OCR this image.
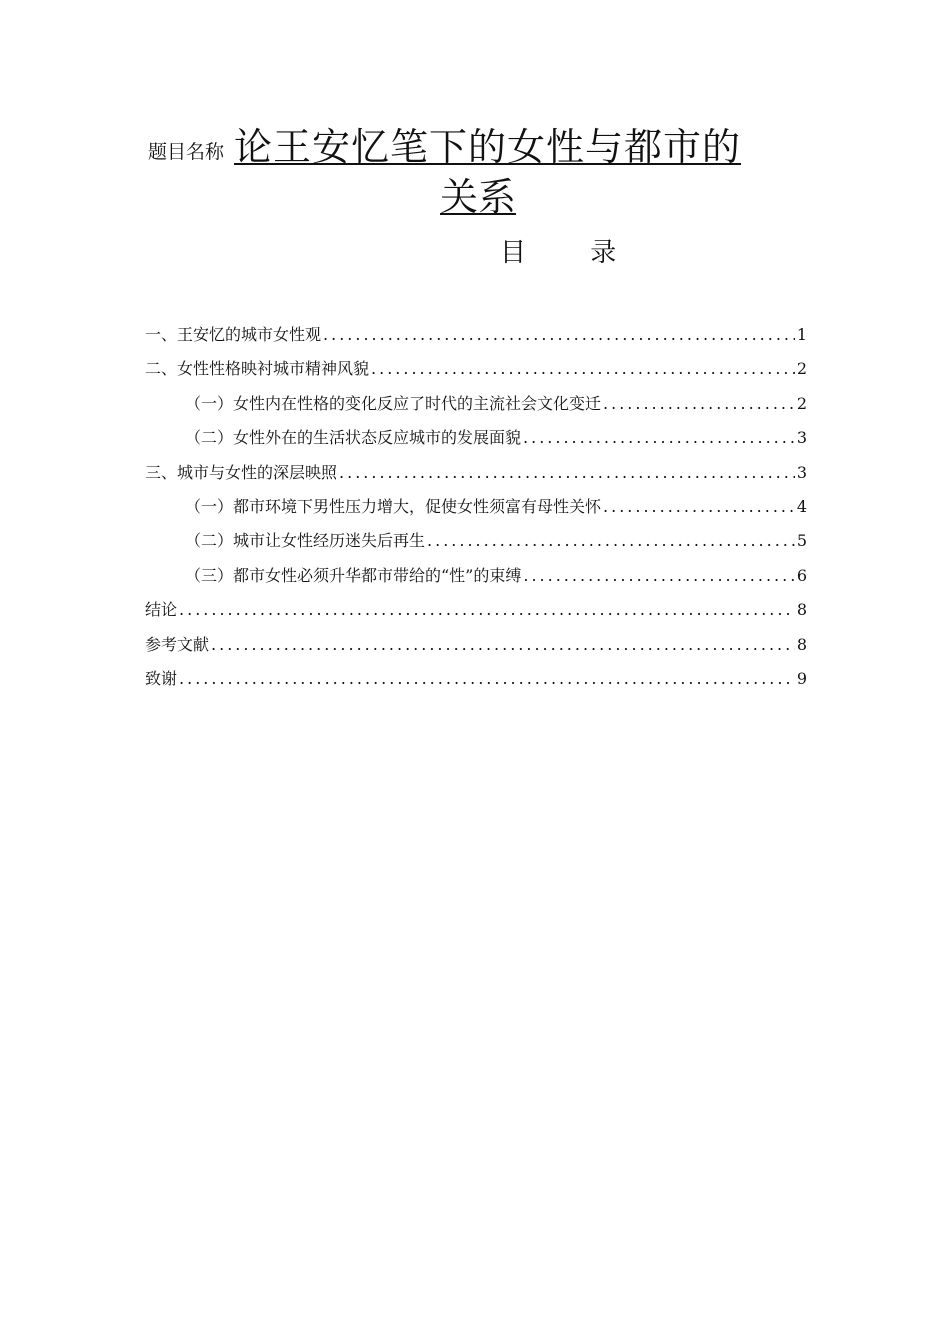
题目名称 论王安忆笔下的女性与都市的
关系
目 录
一、王安忆的城市女性观 .....	1
二、女性性格映衬城市精神风貌 .....	2
（一）女性内在性格的变化反应了时代的主流社会文化变迁 .....	2
（二）女性外在的生活状态反应城市的发展面貌 .....	3
三、城市与女性的深层映照 .....	3
（一）都市环境下男性压力增大，促使女性须富有母性关怀 .....	4
（二）城市让女性经历迷失后再生 .....	5
（三）都市女性必须升华都市带给的“性”的束缚 .....	6
结论 .....	8
参考文献 .....	8
致谢 .....	9
